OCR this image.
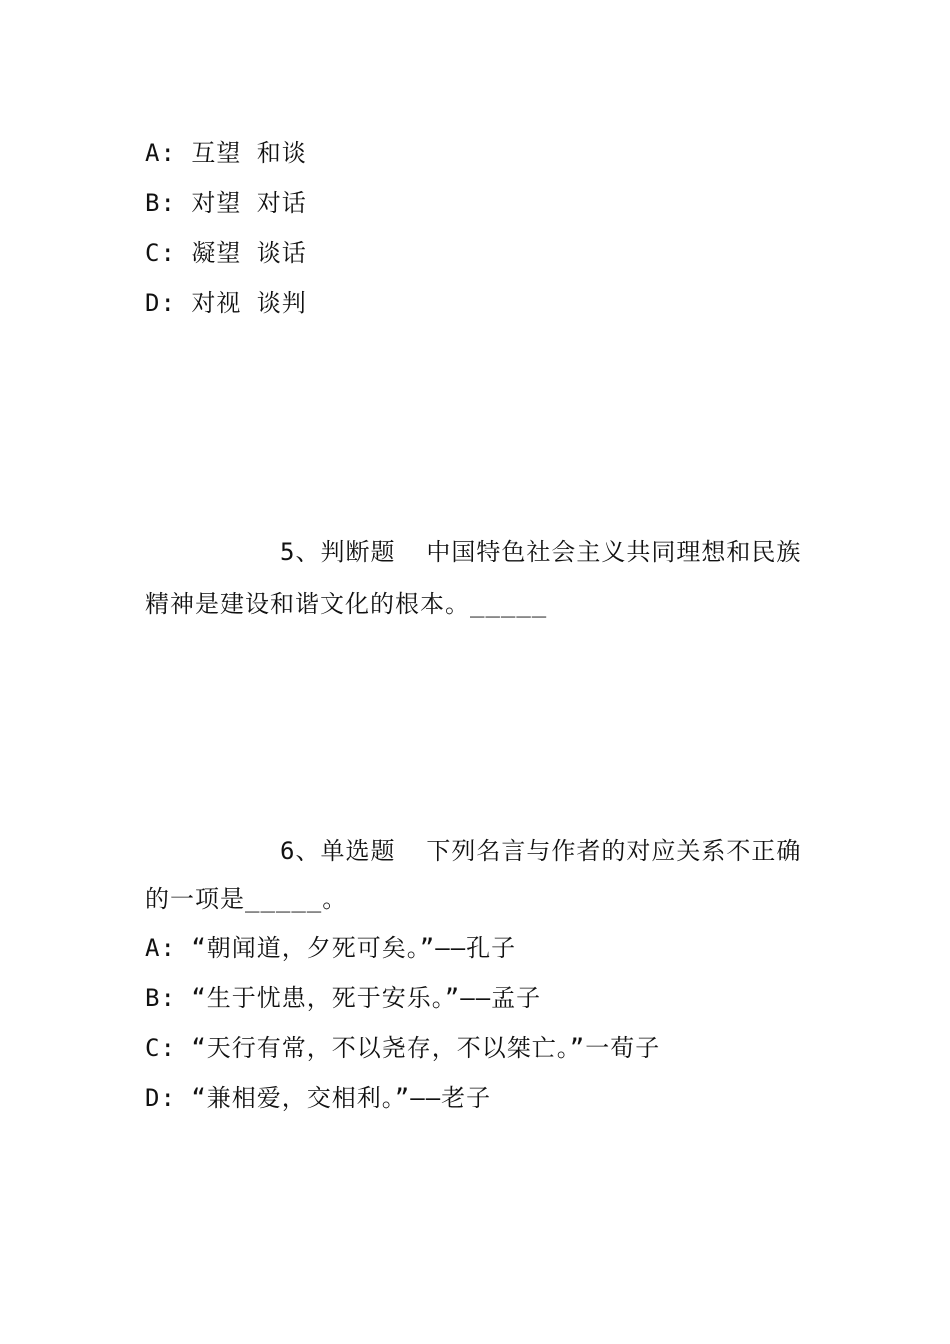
A: 互望 和谈
B: 对望 对话
C: 凝望 谈话
D: 对视 谈判
5、判断题  中国特色社会主义共同理想和民族
精神是建设和谐文化的根本。_____
6、单选题  下列名言与作者的对应关系不正确
的一项是_____。
A: “朝闻道，夕死可矣。”——孔子
B: “生于忧患，死于安乐。”——孟子
C: “天行有常，不以尧存，不以桀亡。”一荀子
D: “兼相爱，交相利。”——老子
